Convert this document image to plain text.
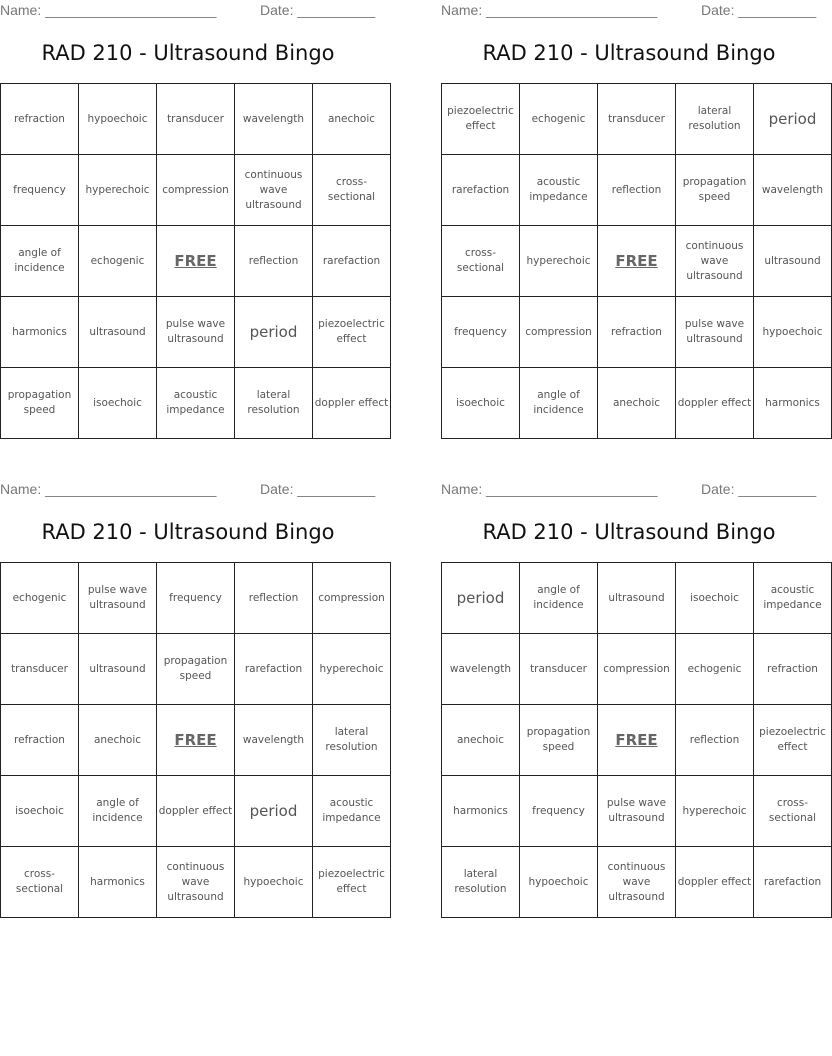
Name: ______________________	Date: __________
RAD 210 - Ultrasound Bingo
refraction	hypoechoic	transducer	wavelength	anechoic
frequency	hyperechoic	compression	continuous wave ultrasound	cross-sectional
angle of incidence	echogenic	FREE	reflection	rarefaction
harmonics	ultrasound	pulse wave ultrasound	period	piezoelectric effect
propagation speed	isoechoic	acoustic impedance	lateral resolution	doppler effect
Name: ______________________	Date: __________
RAD 210 - Ultrasound Bingo
piezoelectric effect	echogenic	transducer	lateral resolution	period
rarefaction	acoustic impedance	reflection	propagation speed	wavelength
cross-sectional	hyperechoic	FREE	continuous wave ultrasound	ultrasound
frequency	compression	refraction	pulse wave ultrasound	hypoechoic
isoechoic	angle of incidence	anechoic	doppler effect	harmonics
Name: ______________________	Date: __________
RAD 210 - Ultrasound Bingo
echogenic	pulse wave ultrasound	frequency	reflection	compression
transducer	ultrasound	propagation speed	rarefaction	hyperechoic
refraction	anechoic	FREE	wavelength	lateral resolution
isoechoic	angle of incidence	doppler effect	period	acoustic impedance
cross-sectional	harmonics	continuous wave ultrasound	hypoechoic	piezoelectric effect
Name: ______________________	Date: __________
RAD 210 - Ultrasound Bingo
period	angle of incidence	ultrasound	isoechoic	acoustic impedance
wavelength	transducer	compression	echogenic	refraction
anechoic	propagation speed	FREE	reflection	piezoelectric effect
harmonics	frequency	pulse wave ultrasound	hyperechoic	cross-sectional
lateral resolution	hypoechoic	continuous wave ultrasound	doppler effect	rarefaction
